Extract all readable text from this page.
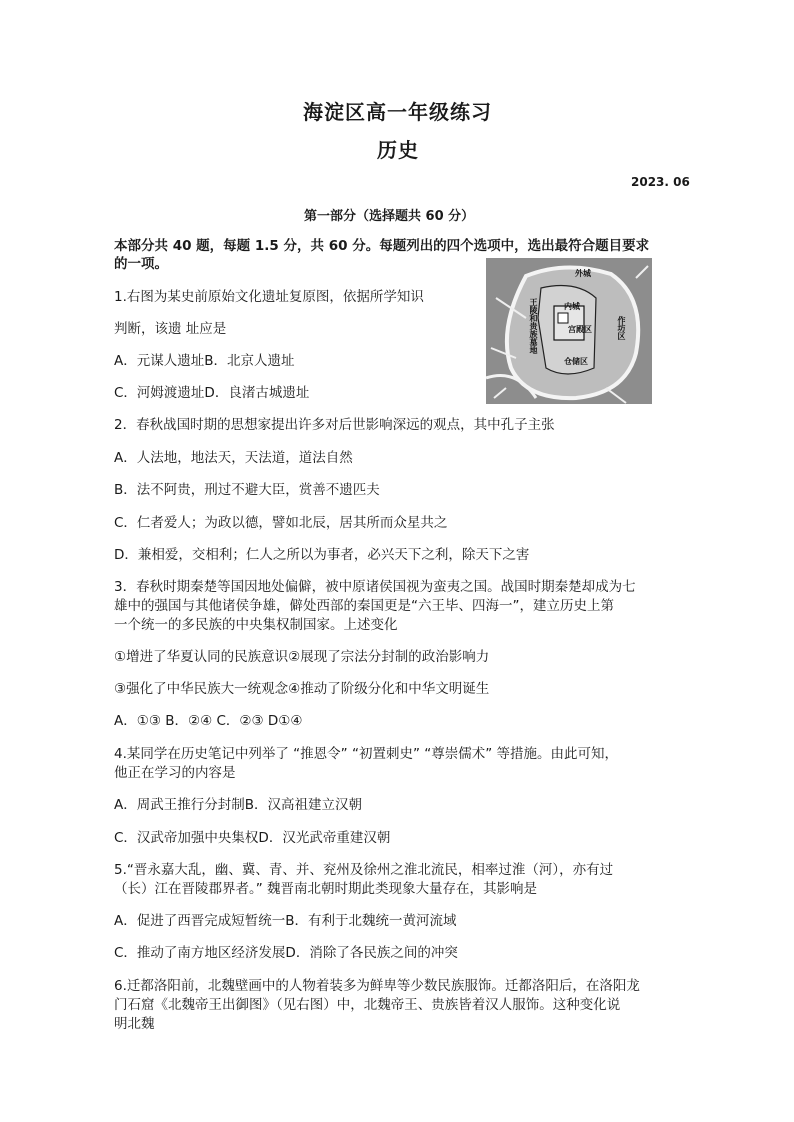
海淀区高一年级练习
历史
2023. 06
第一部分（选择题共 60 分）
本部分共 40 题，每题 1.5 分，共 60 分。每题列出的四个选项中，选出最符合题目要求
的一项。
外城
内城
宫殿区
王陵和贵族墓地	作坊区
仓储区
1.右图为某史前原始文化遗址复原图，依据所学知识
判断，该遗 址应是
A．元谋人遗址B．北京人遗址
C．河姆渡遗址D．良渚古城遗址
2．春秋战国时期的思想家提出许多对后世影响深远的观点，其中孔子主张
A．人法地，地法天，天法道，道法自然
B．法不阿贵，刑过不避大臣，赏善不遗匹夫
C．仁者爱人；为政以德，譬如北辰，居其所而众星共之
D．兼相爱，交相利；仁人之所以为事者，必兴天下之利，除天下之害
3．春秋时期秦楚等国因地处偏僻，被中原诸侯国视为蛮夷之国。战国时期秦楚却成为七
雄中的强国与其他诸侯争雄，僻处西部的秦国更是“六王毕、四海一”，建立历史上第
一个统一的多民族的中央集权制国家。上述变化
①增进了华夏认同的民族意识②展现了宗法分封制的政治影响力
③强化了中华民族大一统观念④推动了阶级分化和中华文明诞生
A．①③ B．②④ C．②③ D①④
4.某同学在历史笔记中列举了 “推恩令” “初置刺史” “尊崇儒术” 等措施。由此可知，
他正在学习的内容是
A．周武王推行分封制B．汉高祖建立汉朝
C．汉武帝加强中央集权D．汉光武帝重建汉朝
5.“晋永嘉大乱，幽、冀、青、并、兖州及徐州之淮北流民，相率过淮（河），亦有过
（长）江在晋陵郡界者。” 魏晋南北朝时期此类现象大量存在，其影响是
A．促进了西晋完成短暂统一B．有利于北魏统一黄河流域
C．推动了南方地区经济发展D．消除了各民族之间的冲突
6.迁都洛阳前，北魏壁画中的人物着装多为鲜卑等少数民族服饰。迁都洛阳后，在洛阳龙
门石窟《北魏帝王出御图》（见右图）中，北魏帝王、贵族皆着汉人服饰。这种变化说
明北魏
